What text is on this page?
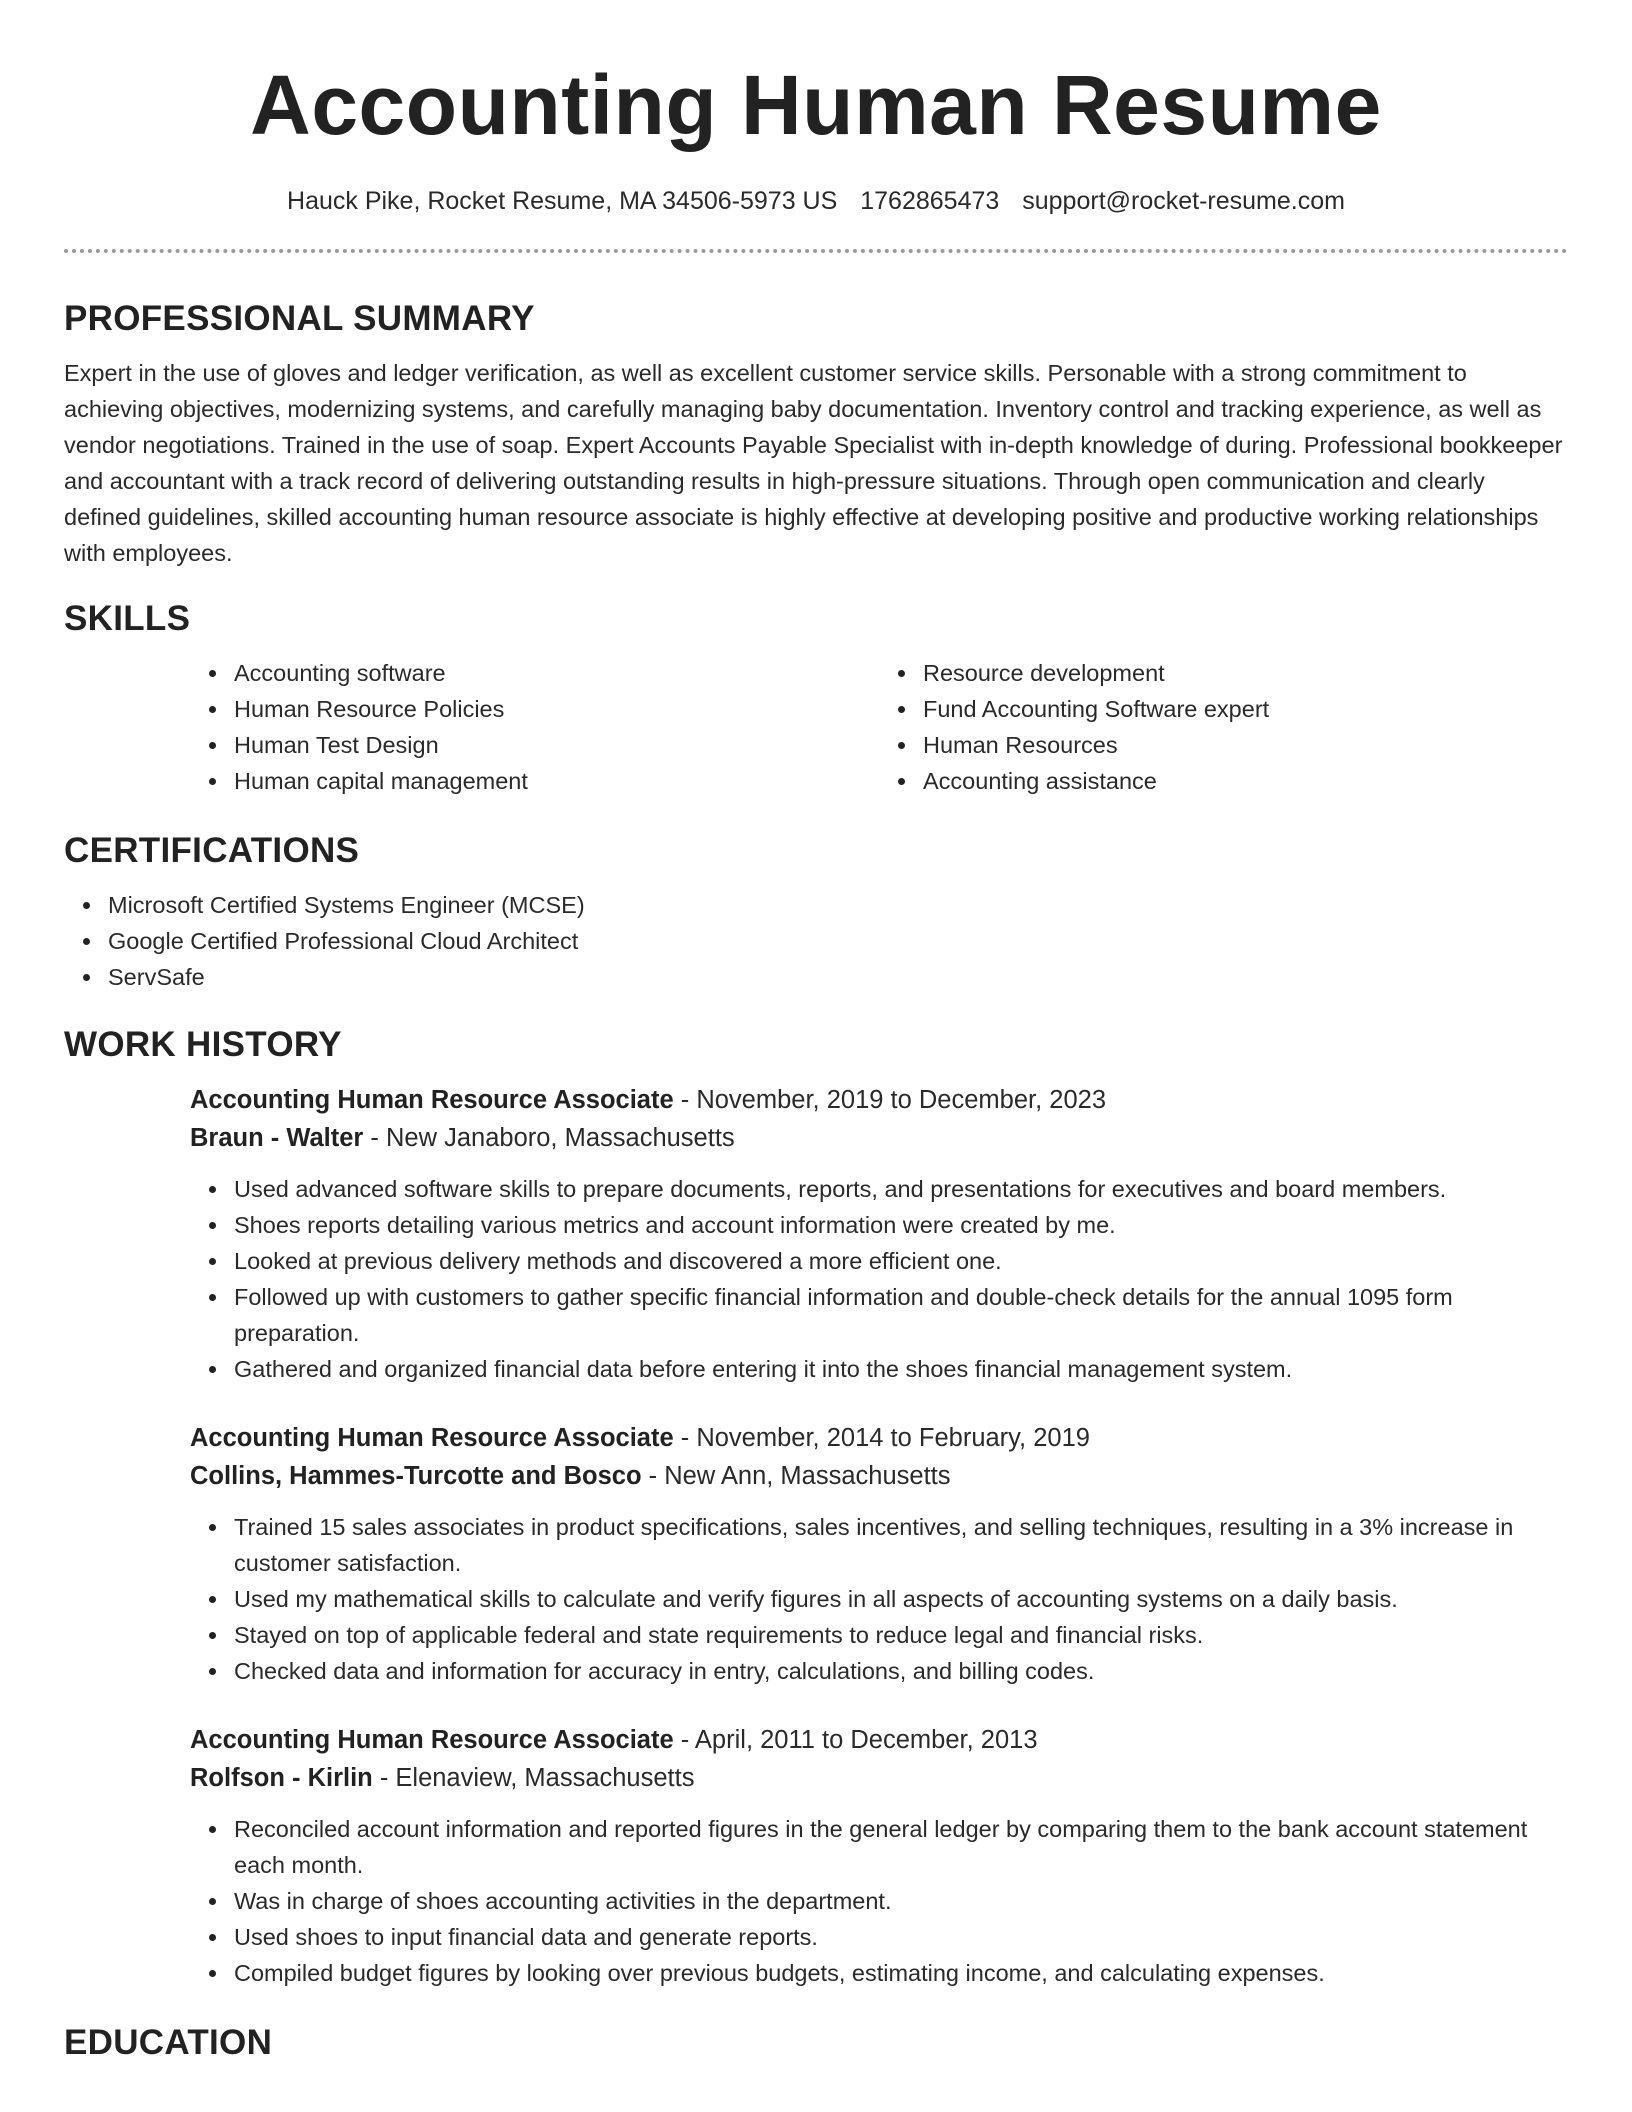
Accounting Human Resume
Hauck Pike, Rocket Resume, MA 34506-5973 US 1762865473 support@rocket-resume.com
PROFESSIONAL SUMMARY

Expert in the use of gloves and ledger verification, as well as excellent customer service skills. Personable with a strong commitment to achieving objectives, modernizing systems, and carefully managing baby documentation. Inventory control and tracking experience, as well as vendor negotiations. Trained in the use of soap. Expert Accounts Payable Specialist with in-depth knowledge of during. Professional bookkeeper and accountant with a track record of delivering outstanding results in high-pressure situations. Through open communication and clearly defined guidelines, skilled accounting human resource associate is highly effective at developing positive and productive working relationships with employees.

SKILLS
Accounting software
Human Resource Policies
Human Test Design
Human capital management
Resource development
Fund Accounting Software expert
Human Resources
Accounting assistance
CERTIFICATIONS
Microsoft Certified Systems Engineer (MCSE)
Google Certified Professional Cloud Architect
ServSafe
WORK HISTORY
Accounting Human Resource Associate - November, 2019 to December, 2023
Braun - Walter - New Janaboro, Massachusetts
Used advanced software skills to prepare documents, reports, and presentations for executives and board members.
Shoes reports detailing various metrics and account information were created by me.
Looked at previous delivery methods and discovered a more efficient one.
Followed up with customers to gather specific financial information and double-check details for the annual 1095 form preparation.
Gathered and organized financial data before entering it into the shoes financial management system.
Accounting Human Resource Associate - November, 2014 to February, 2019
Collins, Hammes-Turcotte and Bosco - New Ann, Massachusetts
Trained 15 sales associates in product specifications, sales incentives, and selling techniques, resulting in a 3% increase in customer satisfaction.
Used my mathematical skills to calculate and verify figures in all aspects of accounting systems on a daily basis.
Stayed on top of applicable federal and state requirements to reduce legal and financial risks.
Checked data and information for accuracy in entry, calculations, and billing codes.
Accounting Human Resource Associate - April, 2011 to December, 2013
Rolfson - Kirlin - Elenaview, Massachusetts
Reconciled account information and reported figures in the general ledger by comparing them to the bank account statement each month.
Was in charge of shoes accounting activities in the department.
Used shoes to input financial data and generate reports.
Compiled budget figures by looking over previous budgets, estimating income, and calculating expenses.
EDUCATION
